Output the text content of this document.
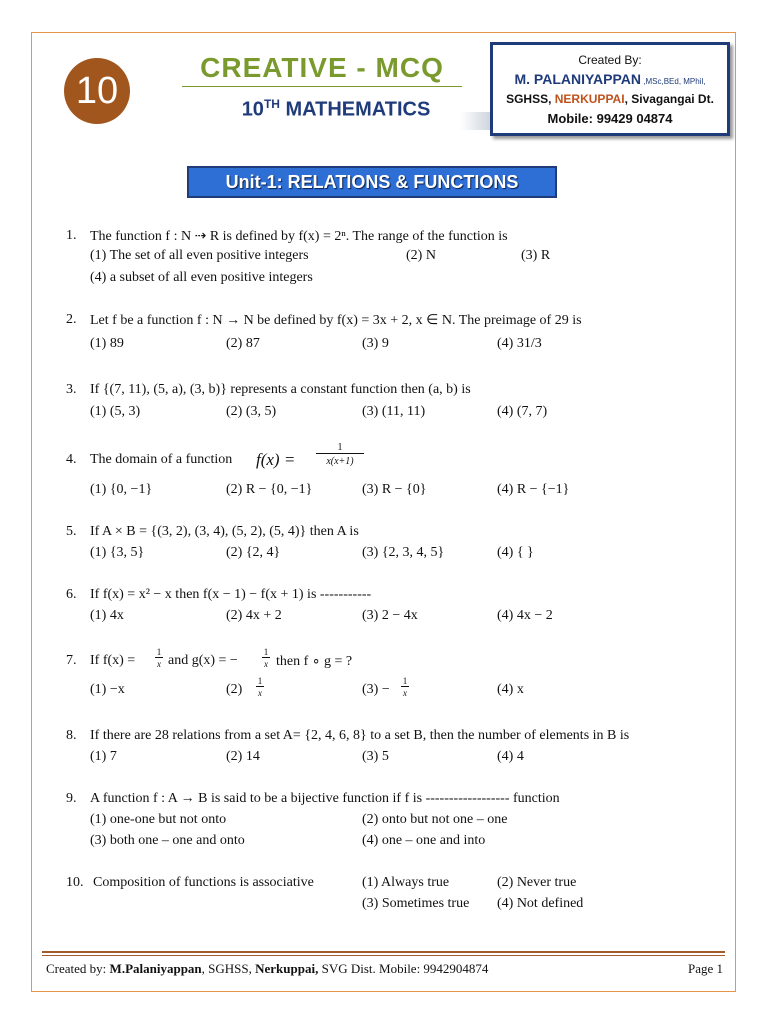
10
CREATIVE - MCQ
10TH MATHEMATICS
Created By:
M. PALANIYAPPAN ,MSc,BEd, MPhil,
SGHSS, NERKUPPAI, Sivagangai Dt.
Mobile: 99429 04874
Unit-1: RELATIONS & FUNCTIONS
1. The function f : N ⇢ R is defined by f(x) = 2ⁿ. The range of the function is
(1) The set of all even positive integers	(2) N	(3) R
(4) a subset of all even positive integers
2. Let f be a function f : N → N be defined by f(x) = 3x + 2, x ∈ N. The preimage of 29 is
(1) 89	(2) 87	(3) 9	(4) 31/3
3. If {(7, 11), (5, a), (3, b)} represents a constant function then (a, b) is
(1) (5, 3)	(2) (3, 5)	(3) (11, 11)	(4) (7, 7)
4. The domain of a function f(x) =
1
x(x+1)
(1) {0, −1}	(2) R − {0, −1}	(3) R − {0}	(4) R − {−1}
5. If A × B = {(3, 2), (3, 4), (5, 2), (5, 4)} then A is
(1) {3, 5}	(2) {2, 4}	(3) {2, 3, 4, 5}	(4) { }
6. If f(x) = x² − x then f(x − 1) − f(x + 1) is -----------
(1) 4x	(2) 4x + 2	(3) 2 − 4x	(4) 4x − 2
7. If f(x) =
1
x and g(x) = −
1
x then f ∘ g = ?
(1) −x	(2)
1
x	(3) −
1
x	(4) x
8. If there are 28 relations from a set A= {2, 4, 6, 8} to a set B, then the number of elements in B is
(1) 7	(2) 14	(3) 5	(4) 4
9. A function f : A → B is said to be a bijective function if f is ------------------ function
(1) one-one but not onto	(2) onto but not one – one
(3) both one – one and onto	(4) one – one and into
10. Composition of functions is associative	(1) Always true	(2) Never true
(3) Sometimes true (4) Not defined
Created by: M.Palaniyappan, SGHSS, Nerkuppai, SVG Dist. Mobile: 9942904874	Page 1
